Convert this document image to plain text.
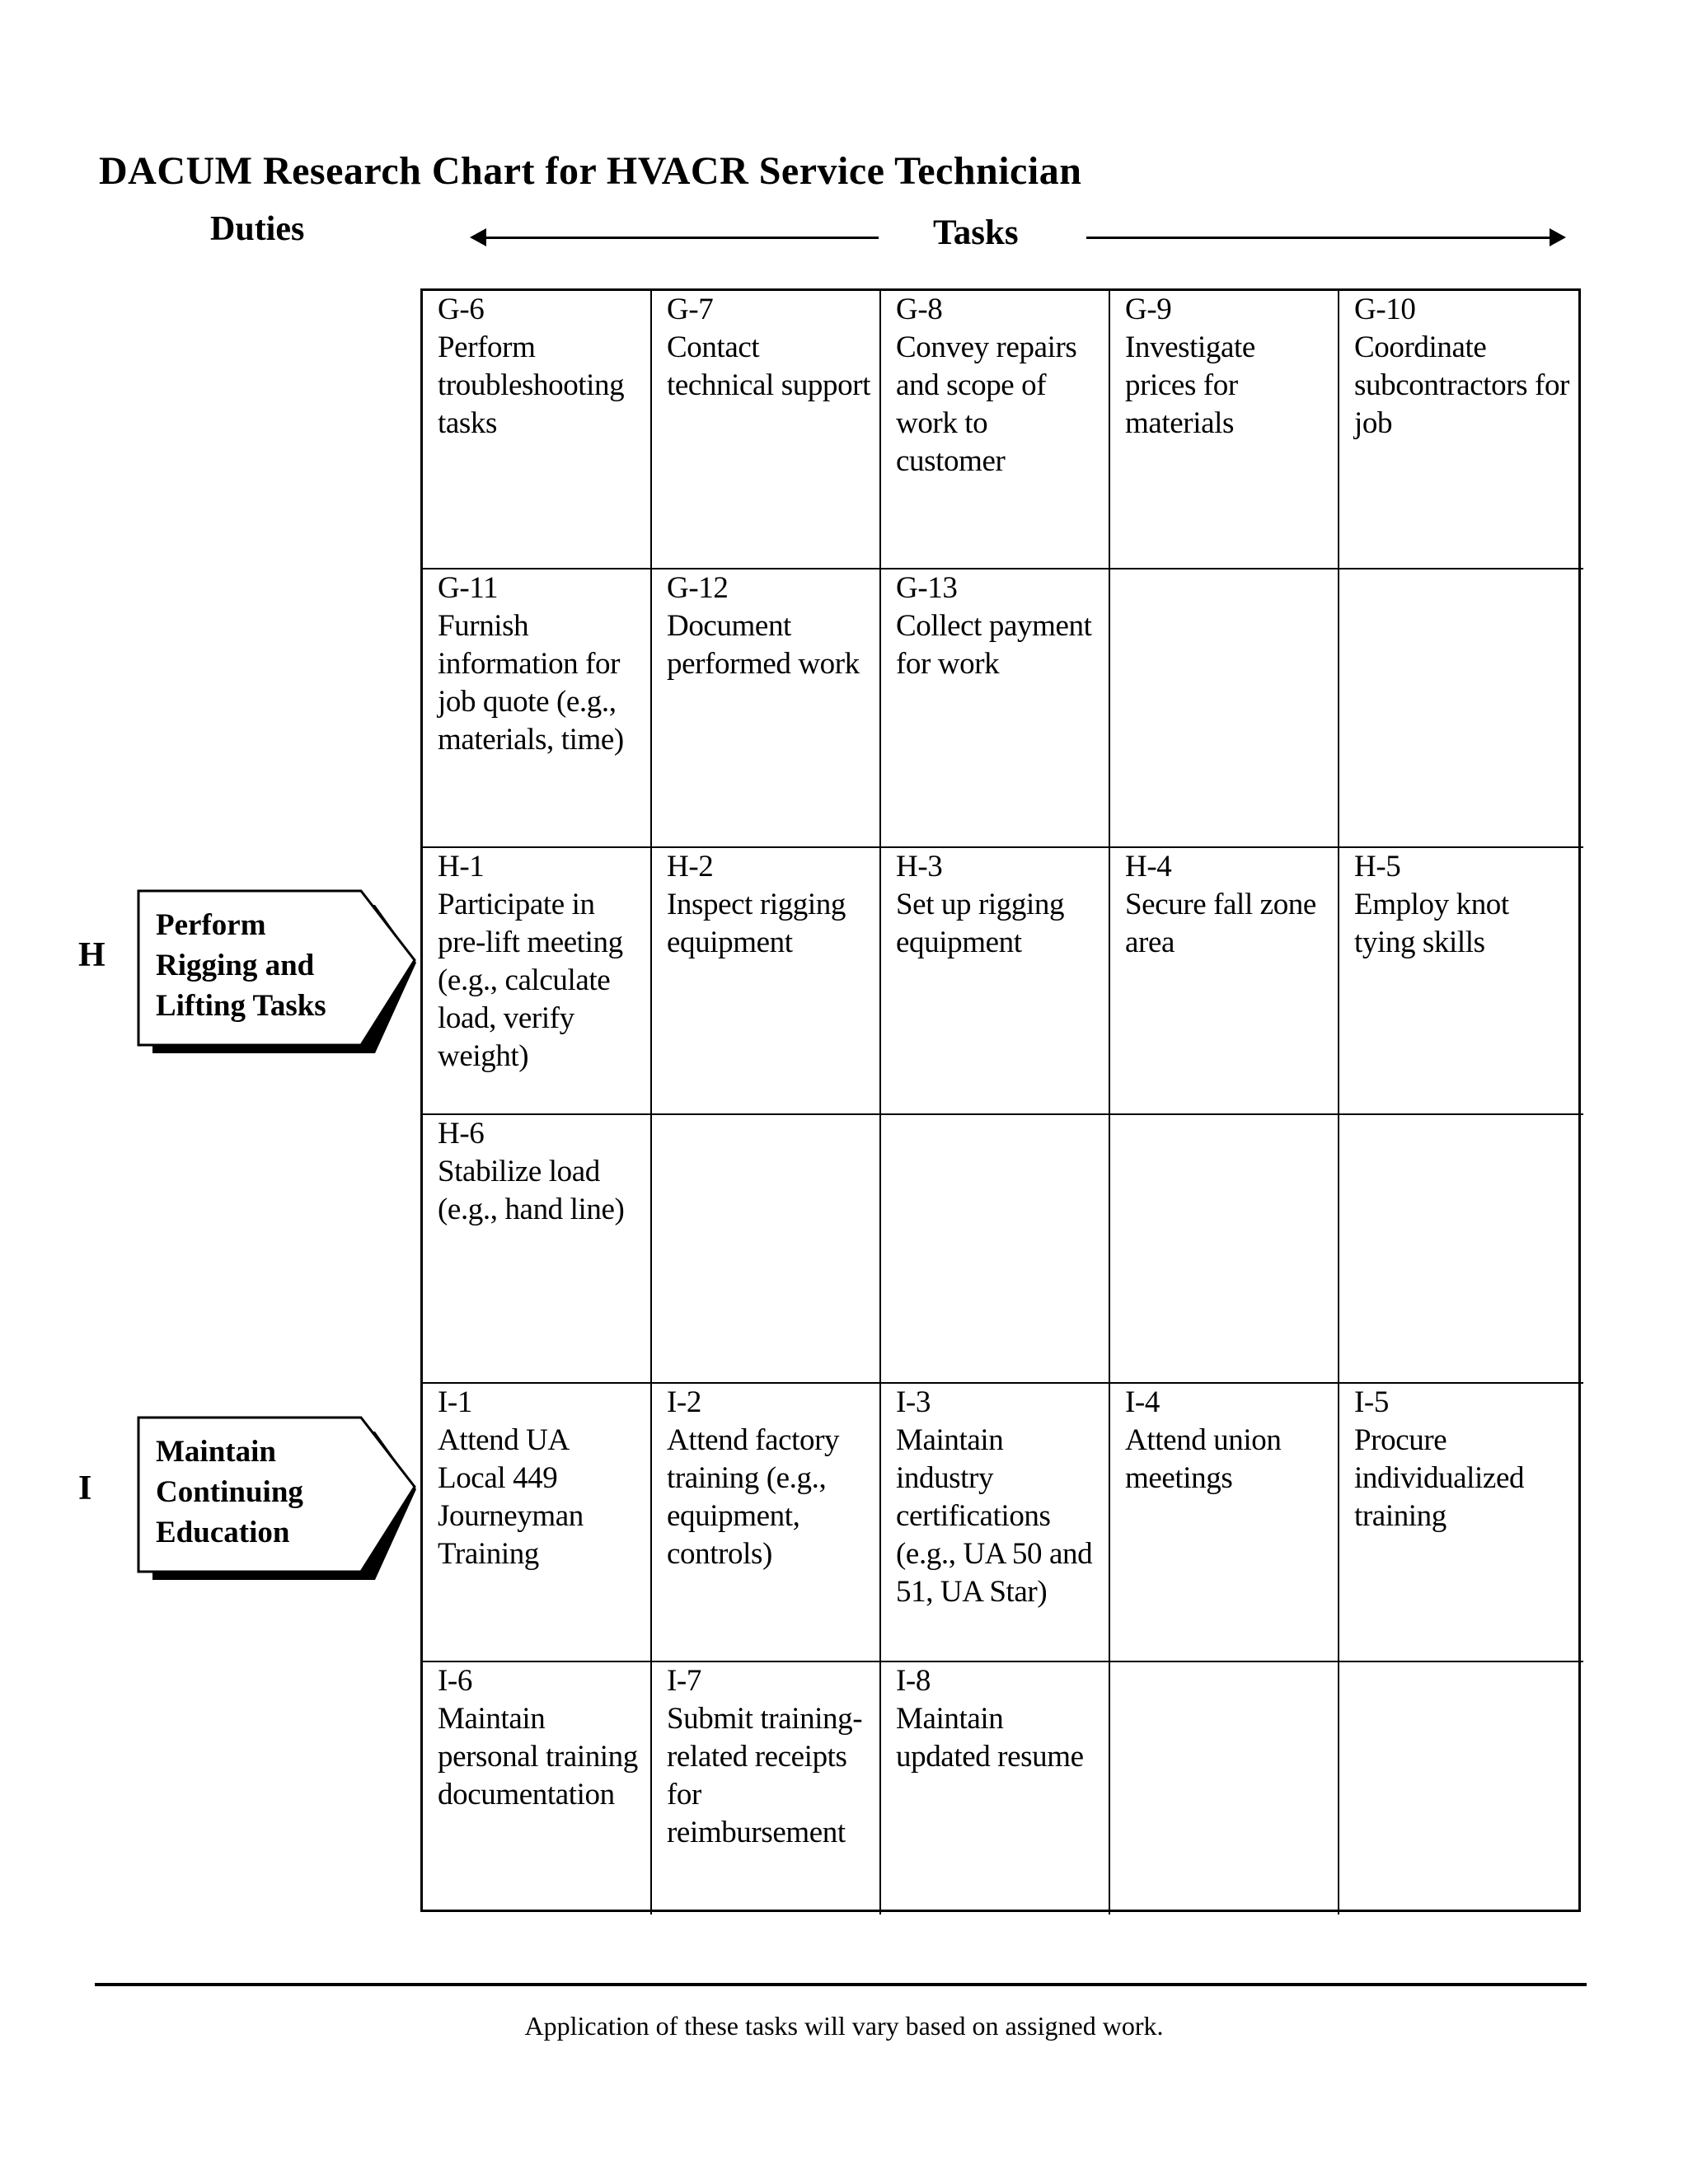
DACUM Research Chart for HVACR Service Technician
Duties	Tasks
H
Perform
Rigging and
Lifting Tasks
I
Maintain
Continuing
Education
G-6
Perform troubleshooting tasks
G-7
Contact technical support
G-8
Convey repairs and scope of work to customer
G-9
Investigate prices for materials
G-10
Coordinate subcontractors for job
G-11
Furnish information for job quote (e.g., materials, time)
G-12
Document performed work
G-13
Collect payment for work
H-1
Participate in pre-lift meeting (e.g., calculate load, verify weight)
H-2
Inspect rigging equipment
H-3
Set up rigging equipment
H-4
Secure fall zone area
H-5
Employ knot tying skills
H-6
Stabilize load (e.g., hand line)
I-1
Attend UA Local 449 Journeyman Training
I-2
Attend factory training (e.g., equipment, controls)
I-3
Maintain industry certifications (e.g., UA 50 and 51, UA Star)
I-4
Attend union meetings
I-5
Procure individualized training
I-6
Maintain personal training documentation
I-7
Submit training-related receipts for reimbursement
I-8
Maintain updated resume
Application of these tasks will vary based on assigned work.
